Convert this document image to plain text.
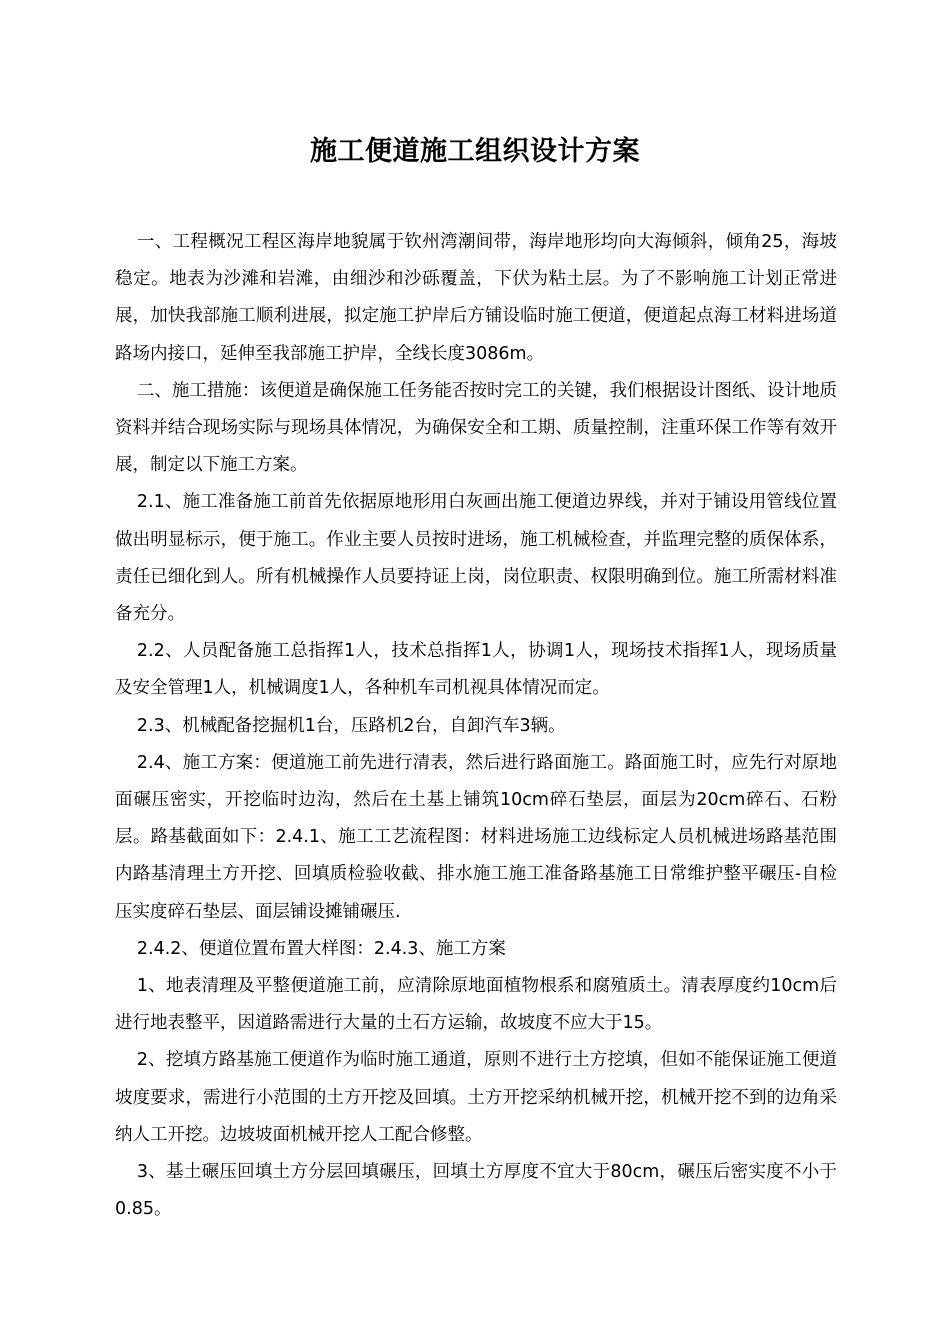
施工便道施工组织设计方案

一、工程概况工程区海岸地貌属于钦州湾潮间带，海岸地形均向大海倾斜，倾角25，海坡稳定。地表为沙滩和岩滩，由细沙和沙砾覆盖，下伏为粘土层。为了不影响施工计划正常进展，加快我部施工顺利进展，拟定施工护岸后方铺设临时施工便道，便道起点海工材料进场道路场内接口，延伸至我部施工护岸，全线长度3086m。

二、施工措施：该便道是确保施工任务能否按时完工的关键，我们根据设计图纸、设计地质资料并结合现场实际与现场具体情况，为确保安全和工期、质量控制，注重环保工作等有效开展，制定以下施工方案。

2.1、施工准备施工前首先依据原地形用白灰画出施工便道边界线，并对于铺设用管线位置做出明显标示，便于施工。作业主要人员按时进场，施工机械检查，并监理完整的质保体系，责任已细化到人。所有机械操作人员要持证上岗，岗位职责、权限明确到位。施工所需材料准备充分。

2.2、人员配备施工总指挥1人，技术总指挥1人，协调1人，现场技术指挥1人，现场质量及安全管理1人，机械调度1人，各种机车司机视具体情况而定。

2.3、机械配备挖掘机1台，压路机2台，自卸汽车3辆。

2.4、施工方案：便道施工前先进行清表，然后进行路面施工。路面施工时，应先行对原地面碾压密实，开挖临时边沟，然后在土基上铺筑10cm碎石垫层，面层为20cm碎石、石粉层。路基截面如下：2.4.1、施工工艺流程图：材料进场施工边线标定人员机械进场路基范围内路基清理土方开挖、回填质检验收截、排水施工施工准备路基施工日常维护整平碾压-自检压实度碎石垫层、面层铺设摊铺碾压.

2.4.2、便道位置布置大样图：2.4.3、施工方案

1、地表清理及平整便道施工前，应清除原地面植物根系和腐殖质土。清表厚度约10cm后进行地表整平，因道路需进行大量的土石方运输，故坡度不应大于15。

2、挖填方路基施工便道作为临时施工通道，原则不进行土方挖填，但如不能保证施工便道坡度要求，需进行小范围的土方开挖及回填。土方开挖采纳机械开挖，机械开挖不到的边角采纳人工开挖。边坡坡面机械开挖人工配合修整。

3、基土碾压回填土方分层回填碾压，回填土方厚度不宜大于80cm，碾压后密实度不小于0.85。
